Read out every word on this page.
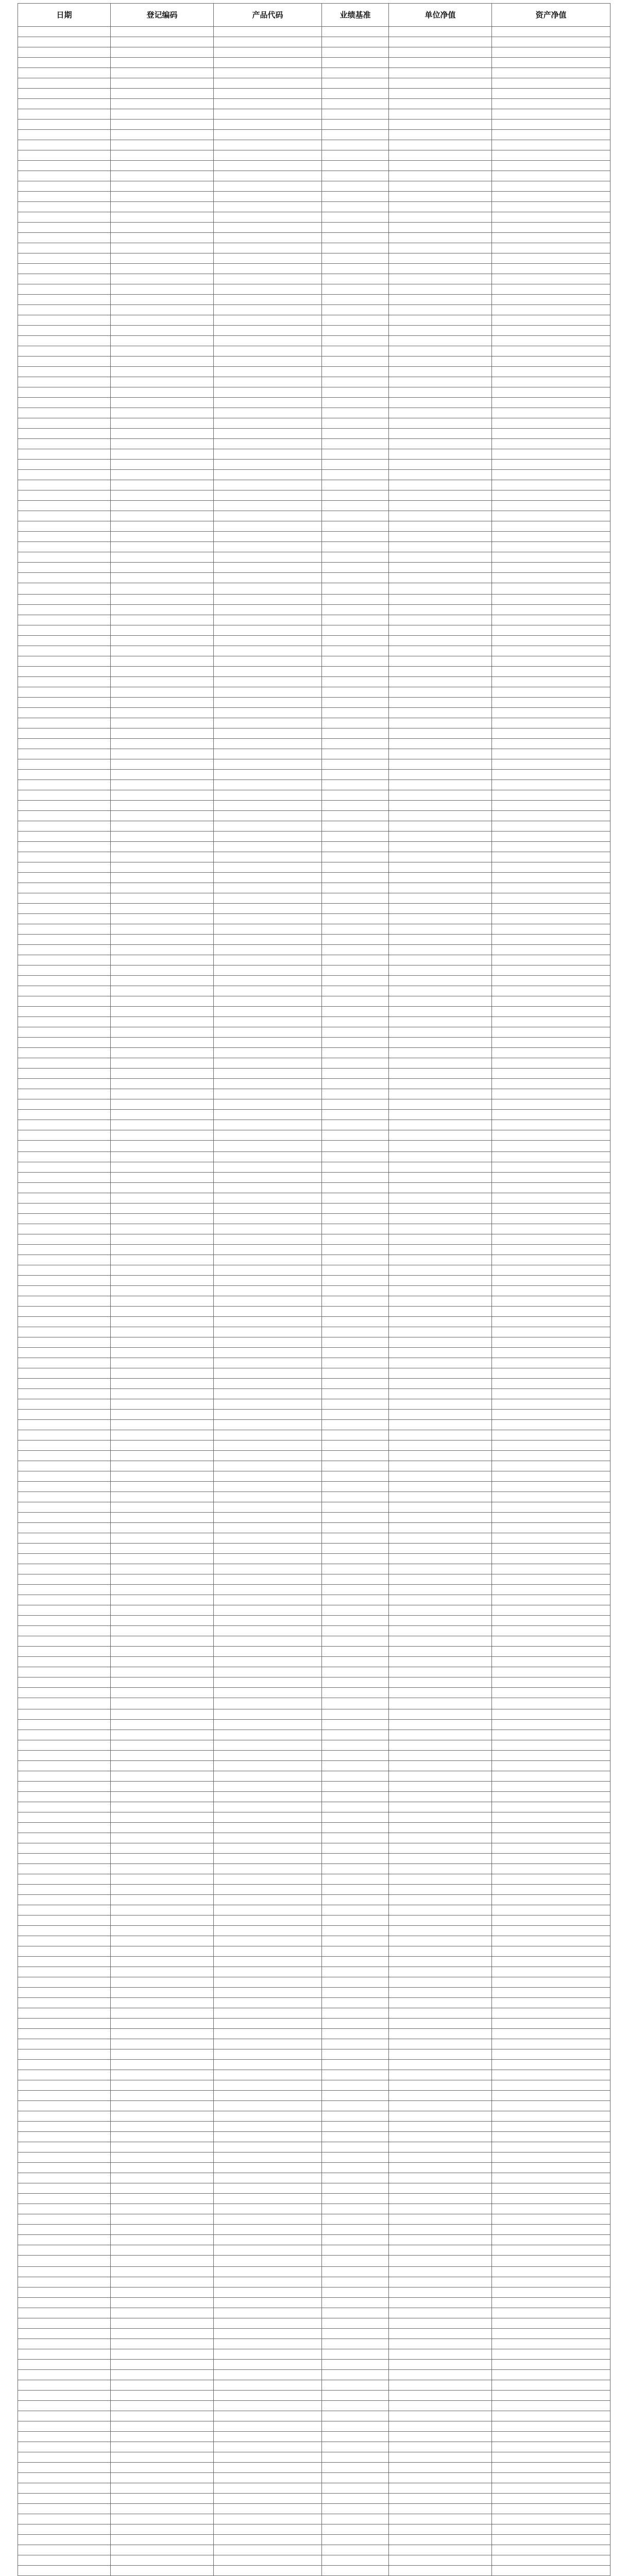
日期	登记编码	产品代码	业绩基准	单位净值	资产净值
